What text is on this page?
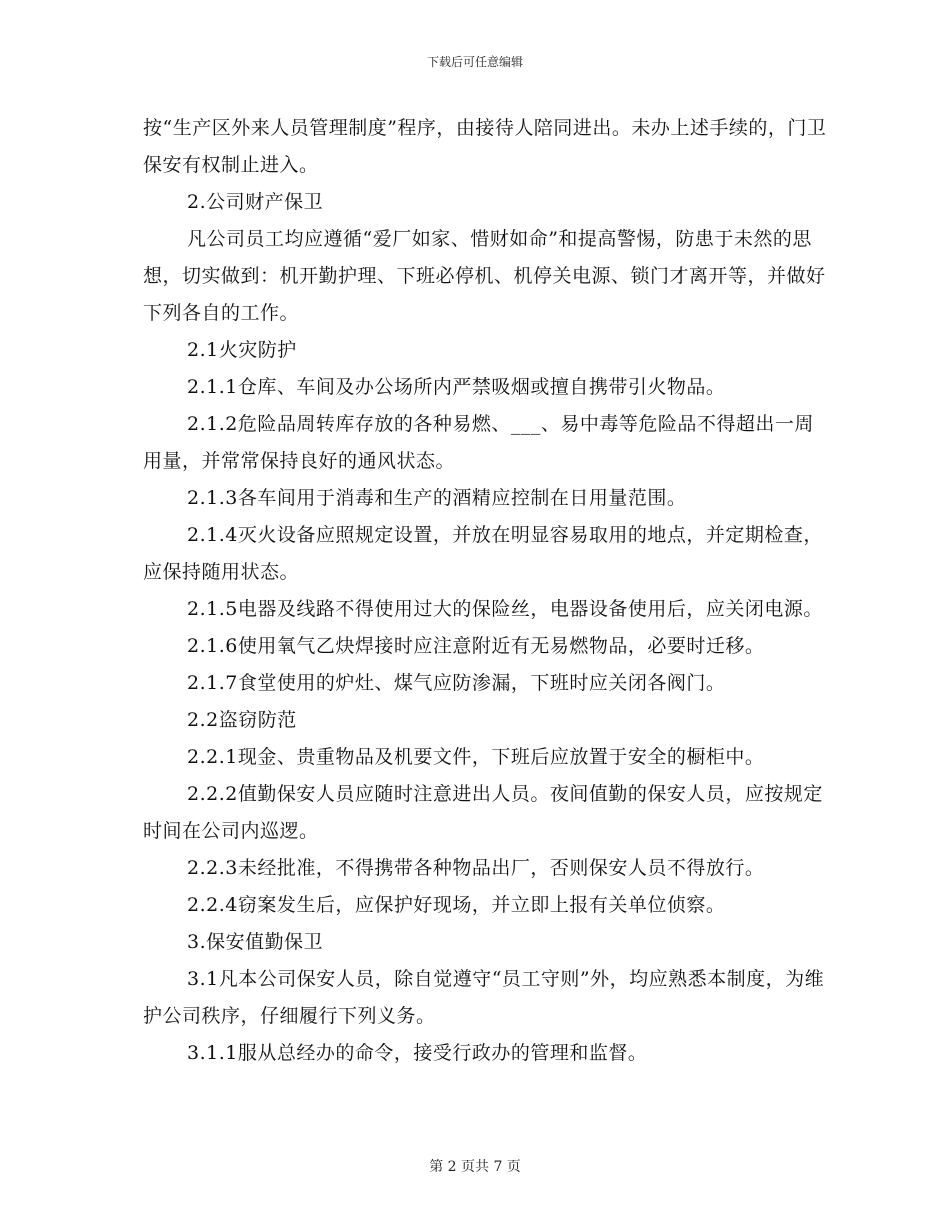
下载后可任意编辑

按“生产区外来人员管理制度”程序，由接待人陪同进出。未办上述手续的，门卫保安有权制止进入。

2.公司财产保卫

凡公司员工均应遵循“爱厂如家、惜财如命”和提高警惕，防患于未然的思想，切实做到：机开勤护理、下班必停机、机停关电源、锁门才离开等，并做好下列各自的工作。

2.1火灾防护

2.1.1仓库、车间及办公场所内严禁吸烟或擅自携带引火物品。

2.1.2危险品周转库存放的各种易燃、___、易中毒等危险品不得超出一周用量，并常常保持良好的通风状态。

2.1.3各车间用于消毒和生产的酒精应控制在日用量范围。

2.1.4灭火设备应照规定设置，并放在明显容易取用的地点，并定期检查，应保持随用状态。

2.1.5电器及线路不得使用过大的保险丝，电器设备使用后，应关闭电源。

2.1.6使用氧气乙炔焊接时应注意附近有无易燃物品，必要时迁移。

2.1.7食堂使用的炉灶、煤气应防渗漏，下班时应关闭各阀门。

2.2盗窃防范

2.2.1现金、贵重物品及机要文件，下班后应放置于安全的橱柜中。

2.2.2值勤保安人员应随时注意进出人员。夜间值勤的保安人员，应按规定时间在公司内巡逻。

2.2.3未经批准，不得携带各种物品出厂，否则保安人员不得放行。

2.2.4窃案发生后，应保护好现场，并立即上报有关单位侦察。

3.保安值勤保卫

3.1凡本公司保安人员，除自觉遵守“员工守则”外，均应熟悉本制度，为维护公司秩序，仔细履行下列义务。

3.1.1服从总经办的命令，接受行政办的管理和监督。

第 2 页共 7 页
